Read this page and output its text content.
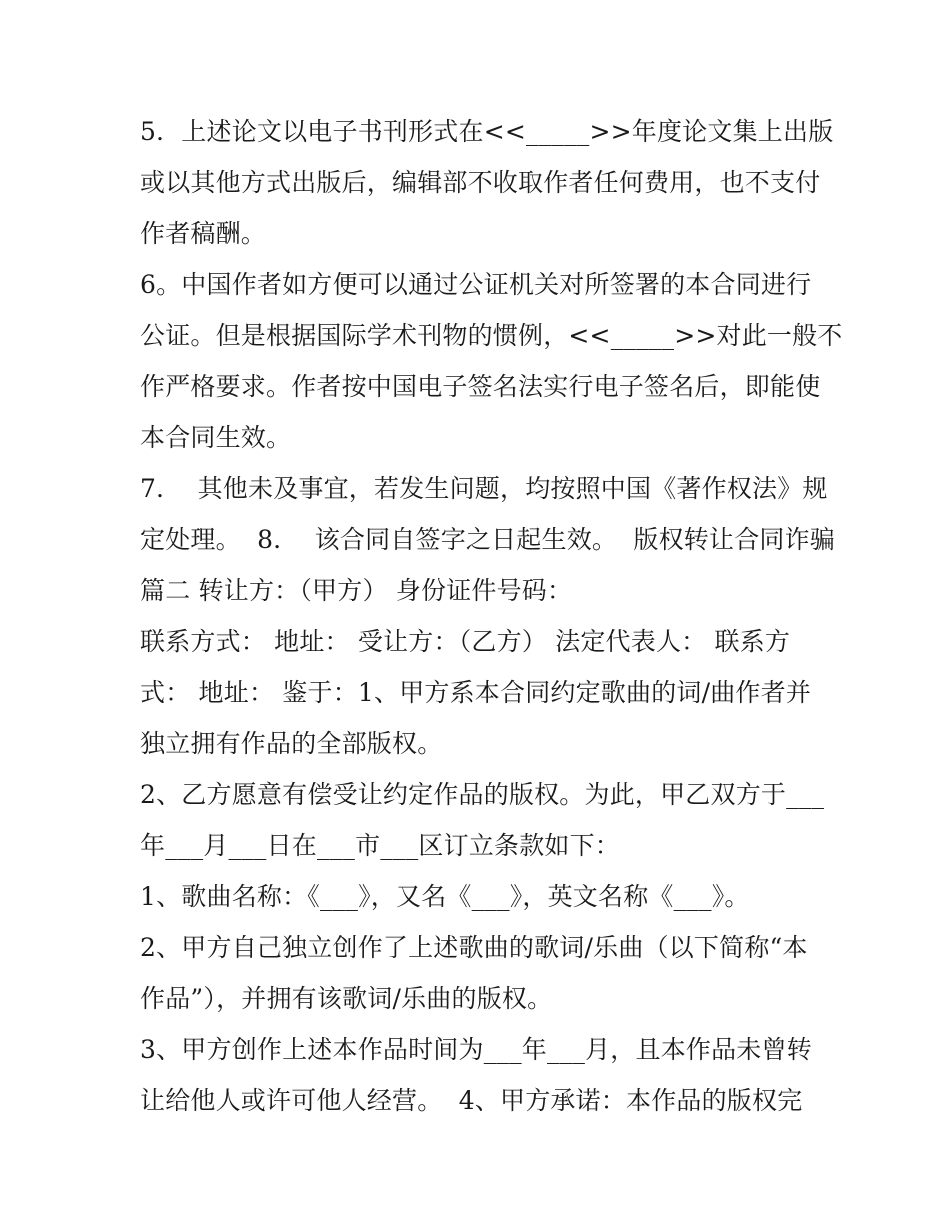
5．上述论文以电子书刊形式在<<_____>>年度论文集上出版
或以其他方式出版后，编辑部不收取作者任何费用，也不支付
作者稿酬。
6。中国作者如方便可以通过公证机关对所签署的本合同进行
公证。但是根据国际学术刊物的惯例，<<_____>>对此一般不
作严格要求。作者按中国电子签名法实行电子签名后，即能使
本合同生效。
7．  其他未及事宜，若发生问题，均按照中国《著作权法》规
定处理。  8．  该合同自签字之日起生效。  版权转让合同诈骗
篇二 转让方：（甲方） 身份证件号码：
联系方式： 地址： 受让方：（乙方） 法定代表人： 联系方
式： 地址： 鉴于：1、甲方系本合同约定歌曲的词/曲作者并
独立拥有作品的全部版权。
2、乙方愿意有偿受让约定作品的版权。为此，甲乙双方于___
年___月___日在___市___区订立条款如下：
1、歌曲名称：《___》，又名《___》，英文名称《___》。
2、甲方自己独立创作了上述歌曲的歌词/乐曲（以下简称“本
作品”），并拥有该歌词/乐曲的版权。
3、甲方创作上述本作品时间为___年___月，且本作品未曾转
让给他人或许可他人经营。  4、甲方承诺：本作品的版权完
